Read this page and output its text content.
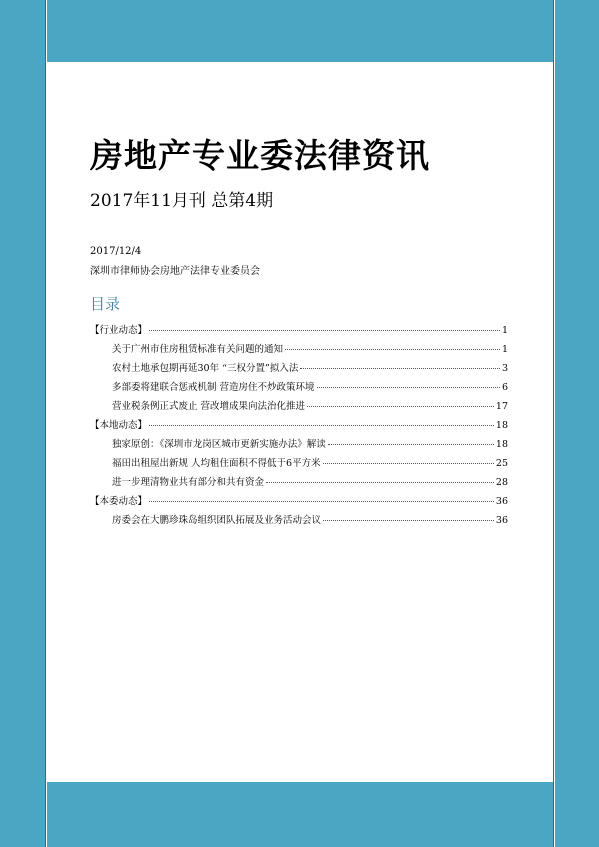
房地产专业委法律资讯
2017年11月刊 总第4期
2017/12/4
深圳市律师协会房地产法律专业委员会
目录
【行业动态】	1
关于广州市住房租赁标准有关问题的通知	1
农村土地承包期再延30年 “三权分置”拟入法	3
多部委将建联合惩戒机制 营造房住不炒政策环境	6
营业税条例正式废止 营改增成果向法治化推进	17
【本地动态】	18
独家原创：《深圳市龙岗区城市更新实施办法》解读	18
福田出租屋出新规 人均租住面积不得低于6平方米	25
进一步理清物业共有部分和共有资金	28
【本委动态】	36
房委会在大鹏珍珠岛组织团队拓展及业务活动会议	36
